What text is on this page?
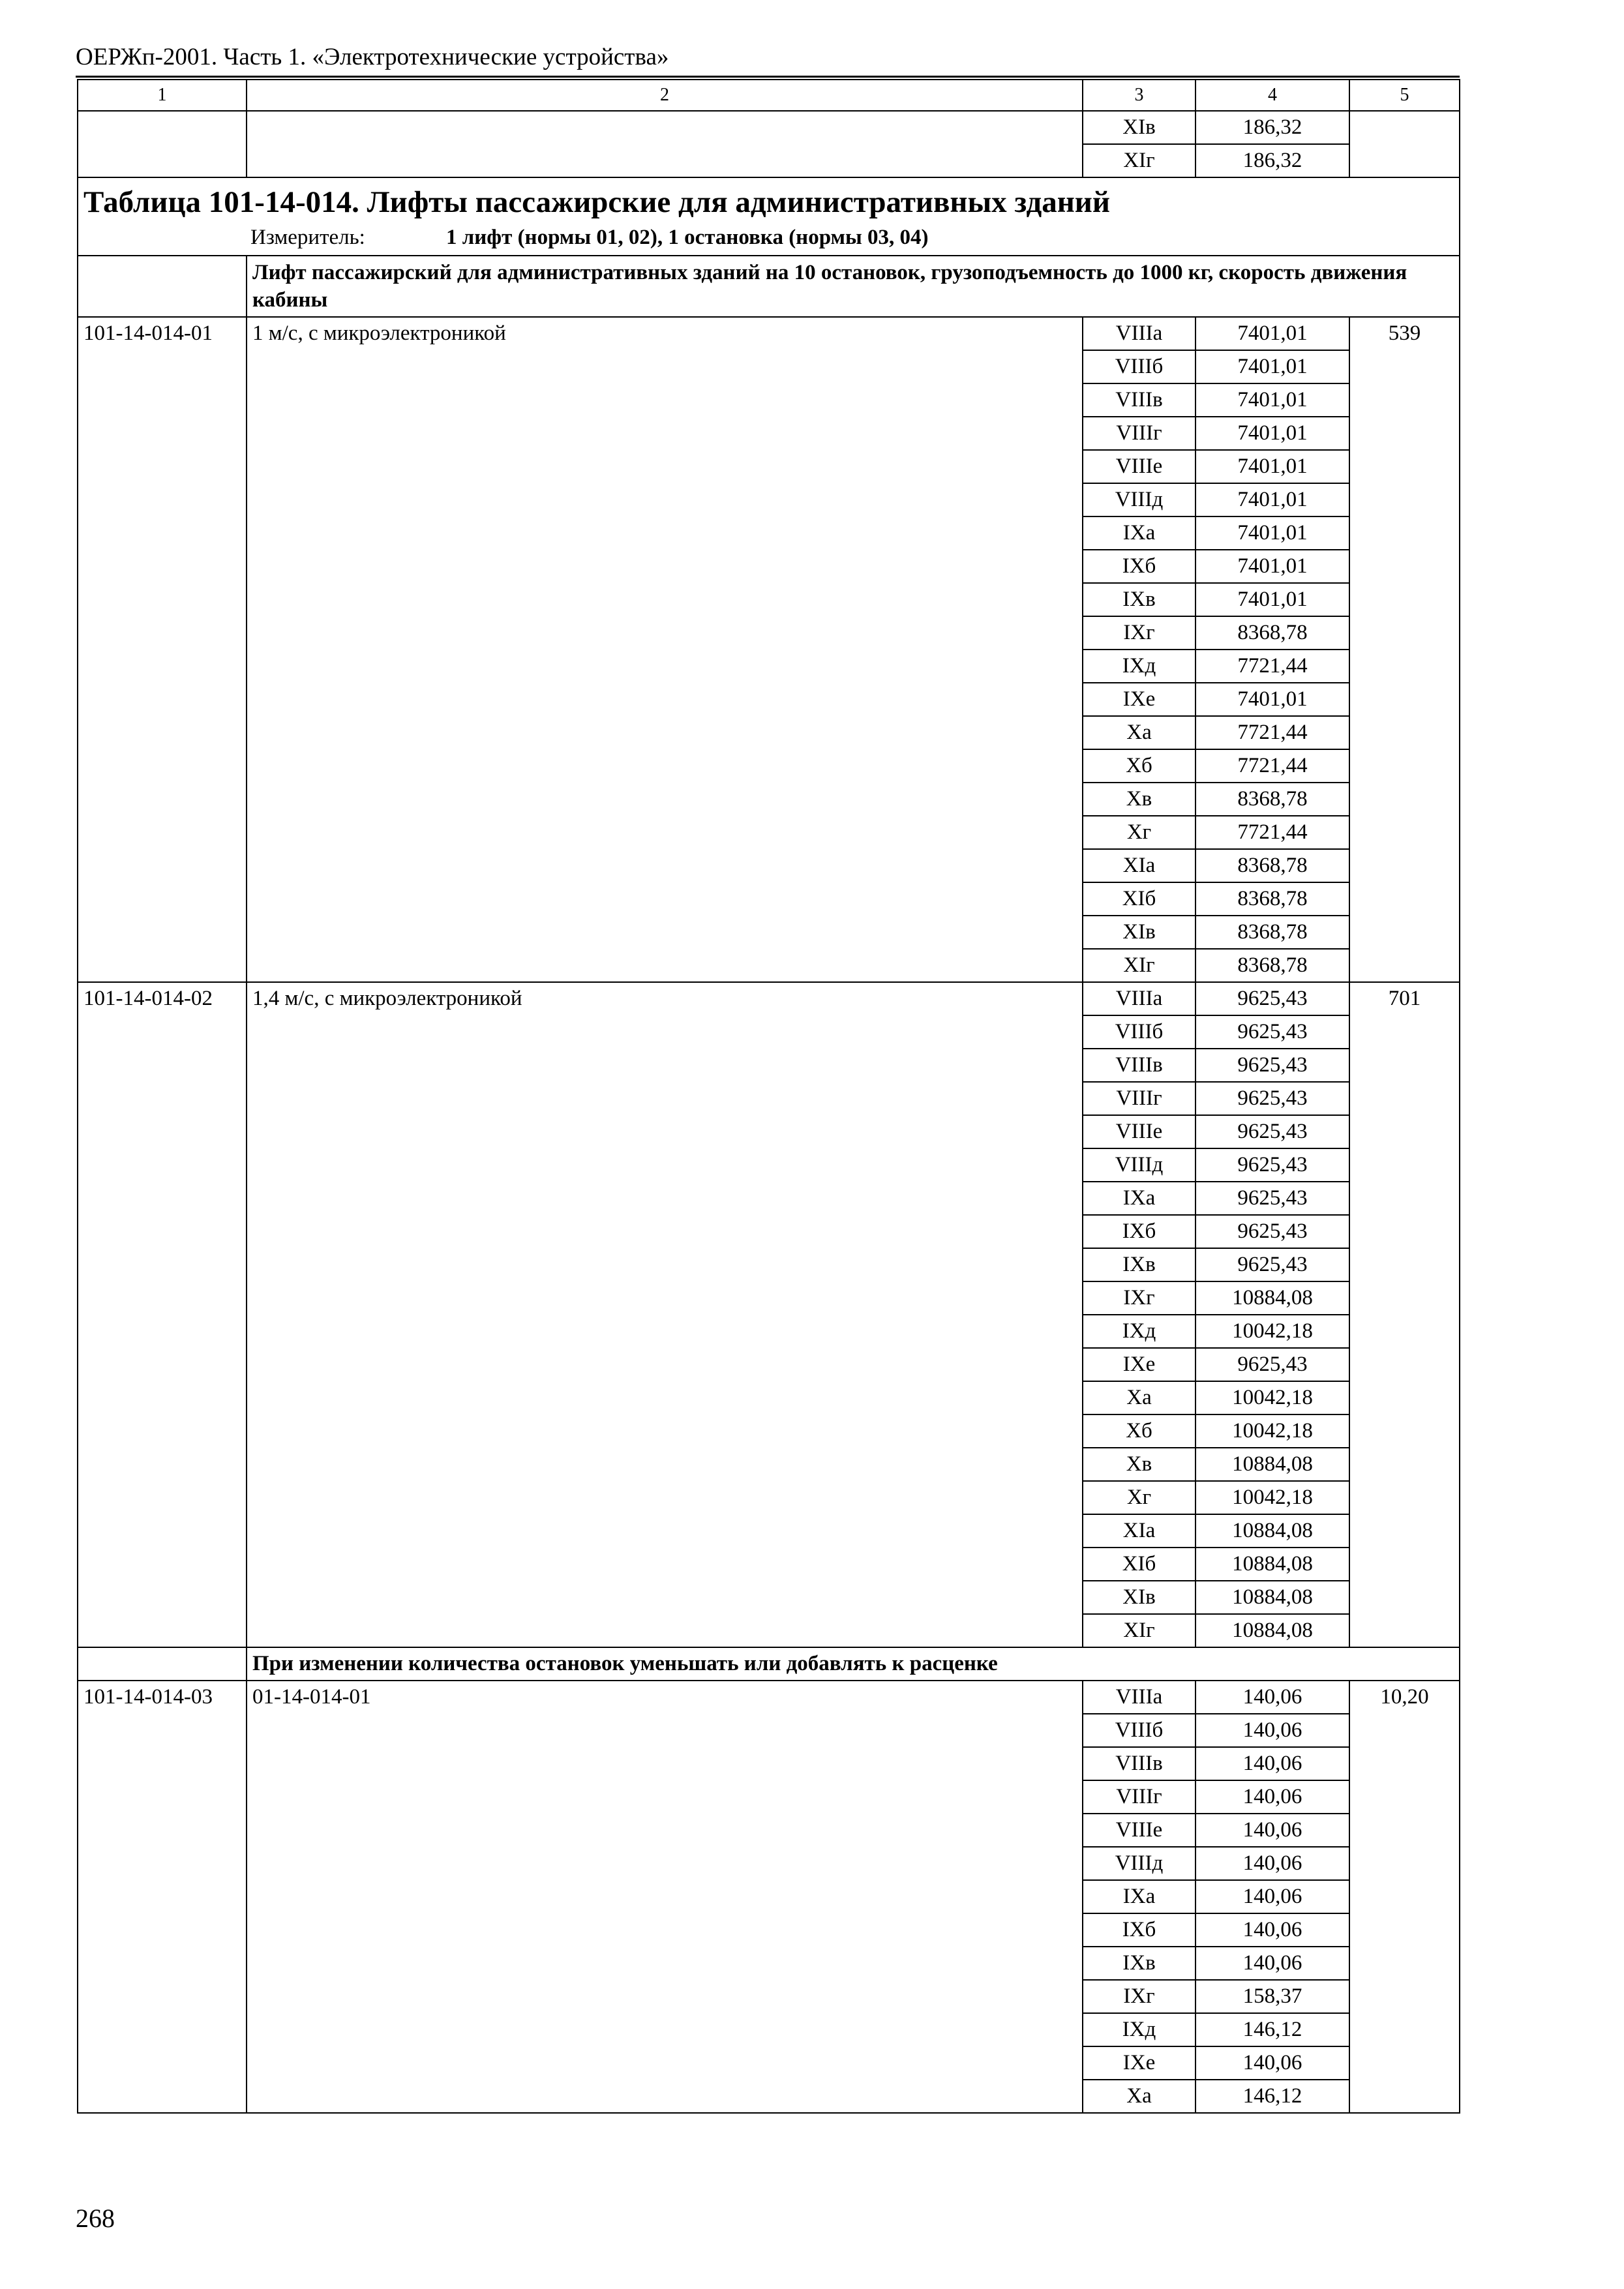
ОЕРЖп-2001. Часть 1. «Электротехнические устройства»
1	2	3	4	5
		XIв	186,32	
		XIг	186,32	

Таблица 101-14-014. Лифты пассажирские для административных зданий
Измеритель: 1 лифт (нормы 01, 02), 1 остановка (нормы 03, 04)				

	Лифт пассажирский для административных зданий на 10 остановок, грузоподъемность до 1000 кг, скорость движения кабины			
101-14-014-01	1 м/с, с микроэлектроникой	VIIIа	7401,01	539
		VIIIб	7401,01	
		VIIIв	7401,01	
		VIIIг	7401,01	
		VIIIе	7401,01	
		VIIIд	7401,01	
		IXа	7401,01	
		IXб	7401,01	
		IXв	7401,01	
		IXг	8368,78	
		IXд	7721,44	
		IXе	7401,01	
		Xа	7721,44	
		Xб	7721,44	
		Xв	8368,78	
		Xг	7721,44	
		XIа	8368,78	
		XIб	8368,78	
		XIв	8368,78	
		XIг	8368,78	
101-14-014-02	1,4 м/с, с микроэлектроникой	VIIIа	9625,43	701
		VIIIб	9625,43	
		VIIIв	9625,43	
		VIIIг	9625,43	
		VIIIе	9625,43	
		VIIIд	9625,43	
		IXа	9625,43	
		IXб	9625,43	
		IXв	9625,43	
		IXг	10884,08	
		IXд	10042,18	
		IXе	9625,43	
		Xа	10042,18	
		Xб	10042,18	
		Xв	10884,08	
		Xг	10042,18	
		XIа	10884,08	
		XIб	10884,08	
		XIв	10884,08	
		XIг	10884,08	
	При изменении количества остановок уменьшать или добавлять к расценке			
101-14-014-03	01-14-014-01	VIIIа	140,06	10,20
		VIIIб	140,06	
		VIIIв	140,06	
		VIIIг	140,06	
		VIIIе	140,06	
		VIIIд	140,06	
		IXа	140,06	
		IXб	140,06	
		IXв	140,06	
		IXг	158,37	
		IXд	146,12	
		IXе	140,06	
		Xа	146,12	
268
